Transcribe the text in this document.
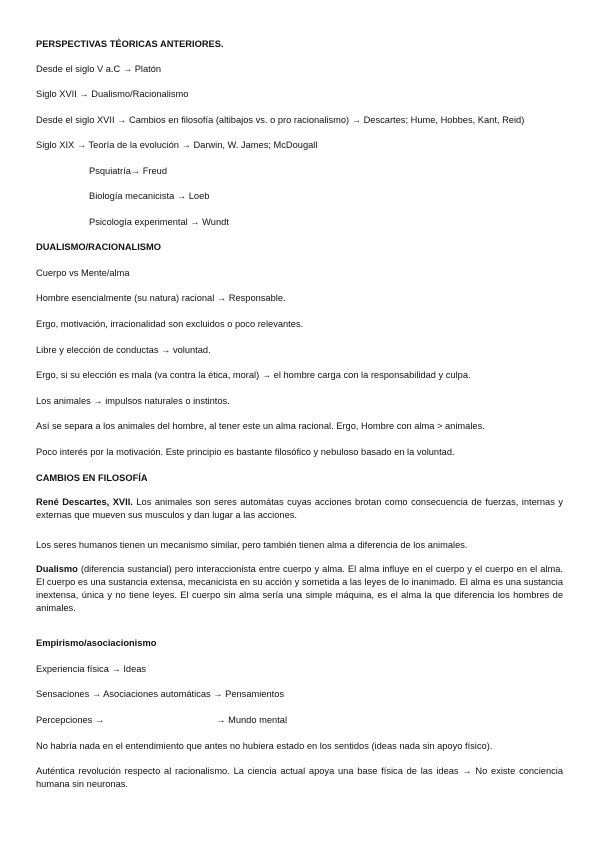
PERSPECTIVAS TÉORICAS ANTERIORES.
Desde el siglo V a.C → Platón
Siglo XVII → Dualismo/Racionalismo
Desde el siglo XVII → Cambios en filosofía (altibajos vs. o pro racionalismo) → Descartes; Hume, Hobbes, Kant, Reid)
Siglo XIX → Teoría de la evolución → Darwin, W. James; McDougall
Psquiatría→ Freud
Biología mecanicista → Loeb
Psicología experimental → Wundt
DUALISMO/RACIONALISMO
Cuerpo vs Mente/alma
Hombre esencialmente (su natura) racional → Responsable.
Ergo, motivación, irracionalidad son excluidos o poco relevantes.
Libre y elección de conductas → voluntad.
Ergo, si su elección es mala (va contra la ética, moral) → el hombre carga con la responsabilidad y culpa.
Los animales → impulsos naturales o instintos.
Así se separa a los animales del hombre, al tener este un alma racional. Ergo, Hombre con alma > animales.
Poco interés por la motivación. Este principio es bastante filosófico y nebuloso basado en la voluntad.
CAMBIOS EN FILOSOFÍA
René Descartes, XVII. Los animales son seres automátas cuyas acciones brotan como consecuencia de fuerzas, internas y externas que mueven sus musculos y dan lugar a las acciones.
Los seres humanos tienen un mecanismo similar, pero también tienen alma a diferencia de los animales.
Dualismo (diferencia sustancial) pero interaccionista entre cuerpo y alma. El alma influye en el cuerpo y el cuerpo en el alma. El cuerpo es una sustancia extensa, mecanicista en su acción y sometida a las leyes de lo inanimado. El alma es una sustancia inextensa, única y no tiene leyes. El cuerpo sin alma sería una simple máquina, es el alma la que diferencia los hombres de animales.
Empirismo/asociacionismo
Experiencia física → Ideas
Sensaciones → Asociaciones automáticas → Pensamientos
Percepciones →	→ Mundo mental
No habría nada en el entendimiento que antes no hubiera estado en los sentidos (ideas nada sin apoyo físico).
Auténtica revolución respecto al racionalismo. La ciencia actual apoya una base física de las ideas → No existe conciencia humana sin neuronas.
